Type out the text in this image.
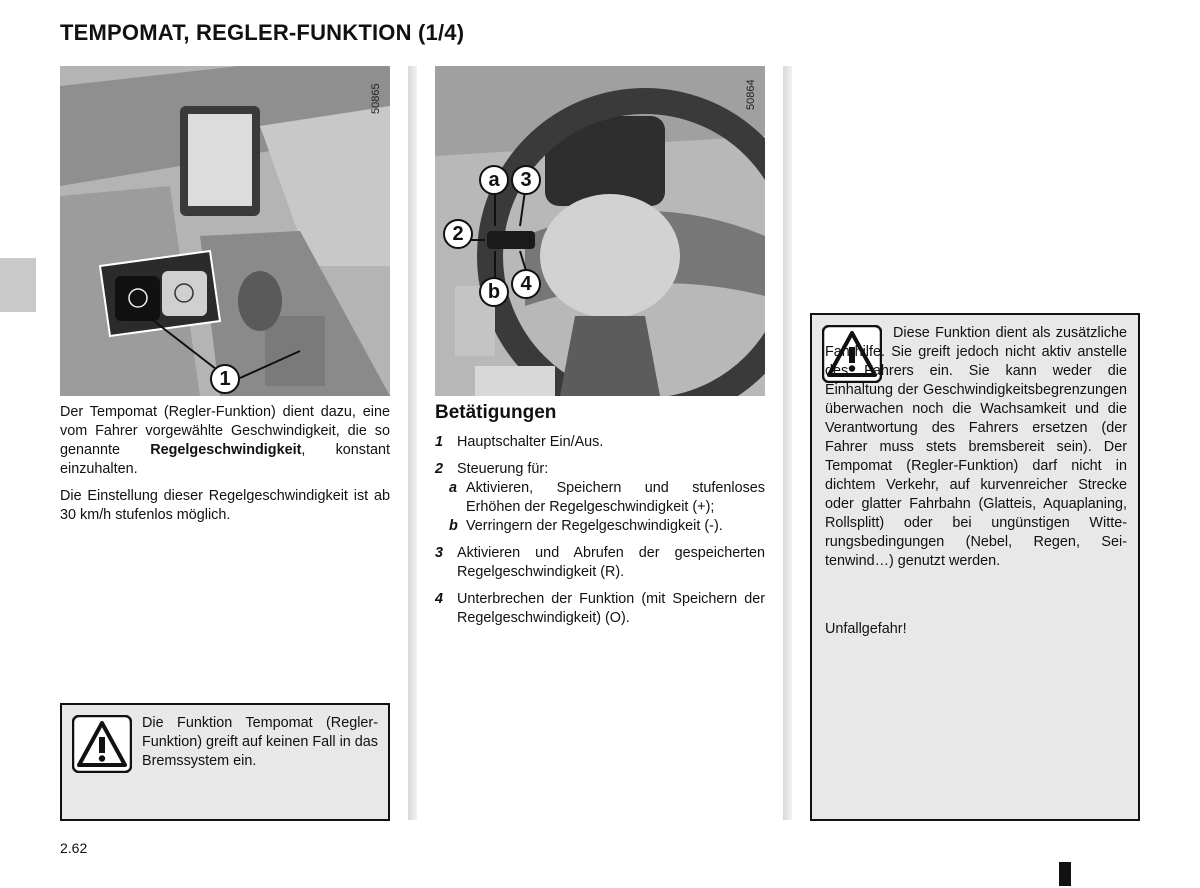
TEMPOMAT, REGLER-FUNKTION (1/4)
50865
1
50864
a	3
2
4
b

Der Tempomat (Regler-Funktion) dient dazu, eine vom Fahrer vorgewählte Geschwindigkeit, die so genannte Regelgeschwindigkeit, konstant einzuhalten.

Die Einstellung dieser Regelgeschwindigkeit ist ab 30 km/h stufenlos möglich.

Die Funktion Tempomat (Regler-Funktion) greift auf keinen Fall in das Bremssystem ein.
Betätigungen
1 Hauptschalter Ein/Aus.
2 Steuerung für:
a Aktivieren, Speichern und stufenloses Erhöhen der Regelgeschwindigkeit (+);
b Verringern der Regelgeschwindigkeit (-).
3 Aktivieren und Abrufen der gespeicherten Regelgeschwindigkeit (R).
4 Unterbrechen der Funktion (mit Speichern der Regelgeschwindigkeit) (O).
Diese Funktion dient als zusätzliche Fahrhilfe. Sie greift jedoch nicht aktiv anstelle des Fahrers ein. Sie kann weder die Einhaltung der Geschwindigkeitsbegrenzungen überwachen noch die Wachsamkeit und die Verantwortung des Fahrers ersetzen (der Fahrer muss stets bremsbereit sein). Der Tempomat (Regler-Funktion) darf nicht in dichtem Verkehr, auf kurvenreicher Strecke oder glatter Fahrbahn (Glatteis, Aquaplaning, Rollsplitt) oder bei ungünstigen Witterungsbedingungen (Nebel, Regen, Seitenwind…) genutzt werden.
Unfallgefahr!
2.62
